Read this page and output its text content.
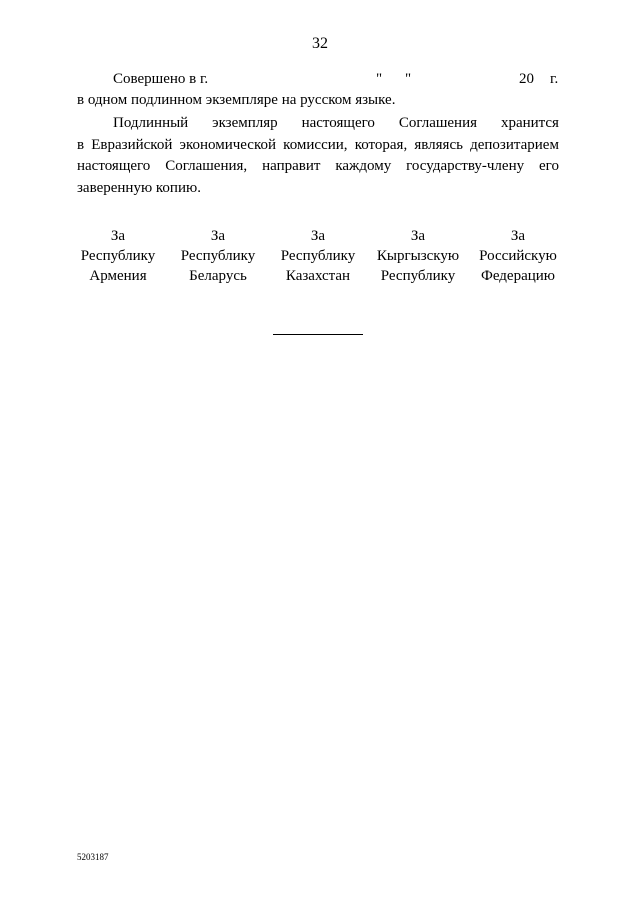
32
Совершено в г.	" "	20 г.
в одном подлинном экземпляре на русском языке.
Подлинный экземпляр настоящего Соглашения хранится
в Евразийской экономической комиссии, которая, являясь депозитарием
настоящего Соглашения, направит каждому государству-члену его
заверенную копию.
За
Республику
Армения
За
Республику
Беларусь
За
Республику
Казахстан
За
Кыргызскую
Республику
За
Российскую
Федерацию
5203187
